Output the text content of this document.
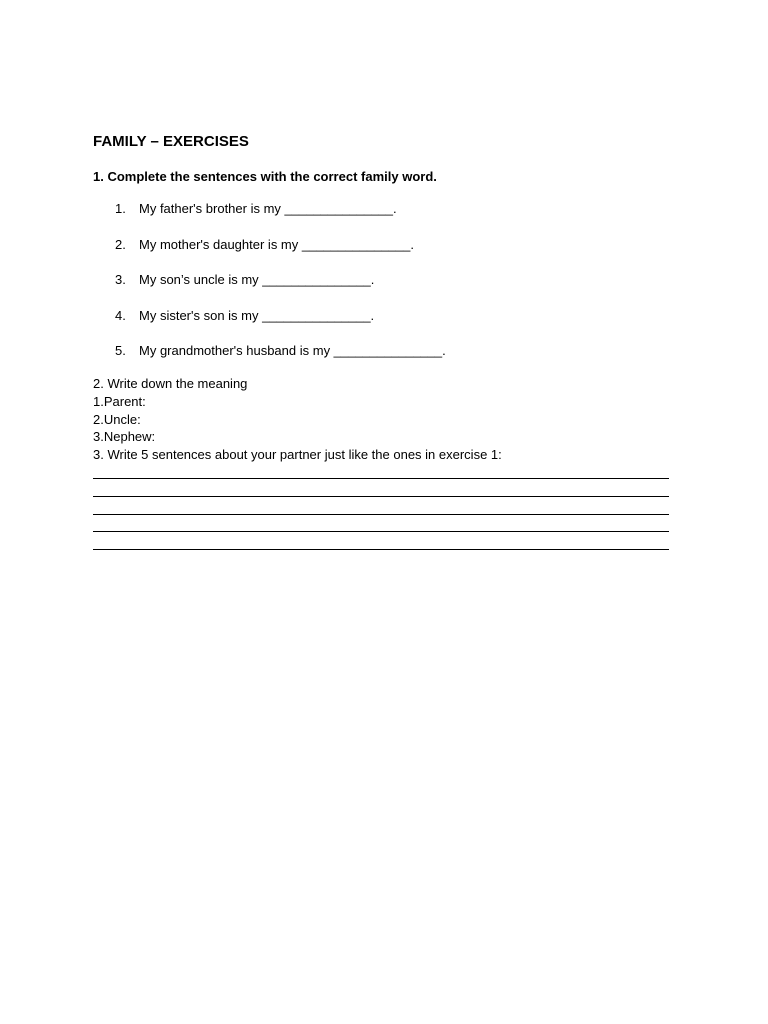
FAMILY – EXERCISES

1. Complete the sentences with the correct family word.

1. My father's brother is my _______________.
2. My mother's daughter is my _______________.
3. My son’s uncle is my _______________.
4. My sister's son is my _______________.
5. My grandmother's husband is my _______________.
2. Write down the meaning
1.Parent:
2.Uncle:
3.Nephew:
3. Write 5 sentences about your partner just like the ones in exercise 1:
